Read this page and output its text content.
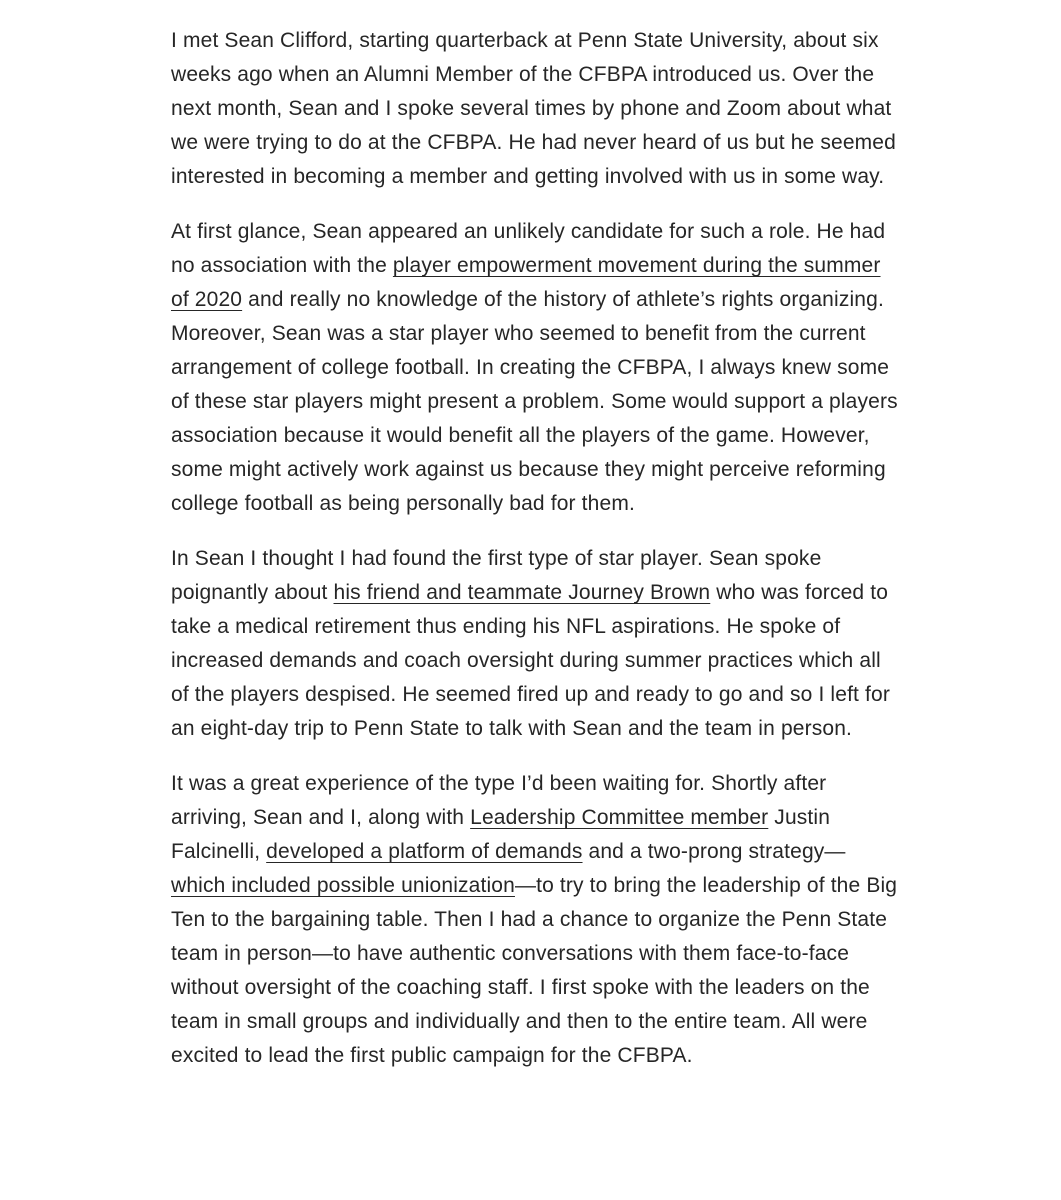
I met Sean Clifford, starting quarterback at Penn State University, about six weeks ago when an Alumni Member of the CFBPA introduced us. Over the next month, Sean and I spoke several times by phone and Zoom about what we were trying to do at the CFBPA. He had never heard of us but he seemed interested in becoming a member and getting involved with us in some way.

At first glance, Sean appeared an unlikely candidate for such a role. He had no association with the player empowerment movement during the summer of 2020 and really no knowledge of the history of athlete’s rights organizing. Moreover, Sean was a star player who seemed to benefit from the current arrangement of college football. In creating the CFBPA, I always knew some of these star players might present a problem. Some would support a players association because it would benefit all the players of the game. However, some might actively work against us because they might perceive reforming college football as being personally bad for them.

In Sean I thought I had found the first type of star player. Sean spoke poignantly about his friend and teammate Journey Brown who was forced to take a medical retirement thus ending his NFL aspirations. He spoke of increased demands and coach oversight during summer practices which all of the players despised. He seemed fired up and ready to go and so I left for an eight-day trip to Penn State to talk with Sean and the team in person.

It was a great experience of the type I’d been waiting for. Shortly after arriving, Sean and I, along with Leadership Committee member Justin Falcinelli, developed a platform of demands and a two-prong strategy—which included possible unionization—to try to bring the leadership of the Big Ten to the bargaining table. Then I had a chance to organize the Penn State team in person—to have authentic conversations with them face-to-face without oversight of the coaching staff. I first spoke with the leaders on the team in small groups and individually and then to the entire team. All were excited to lead the first public campaign for the CFBPA.
